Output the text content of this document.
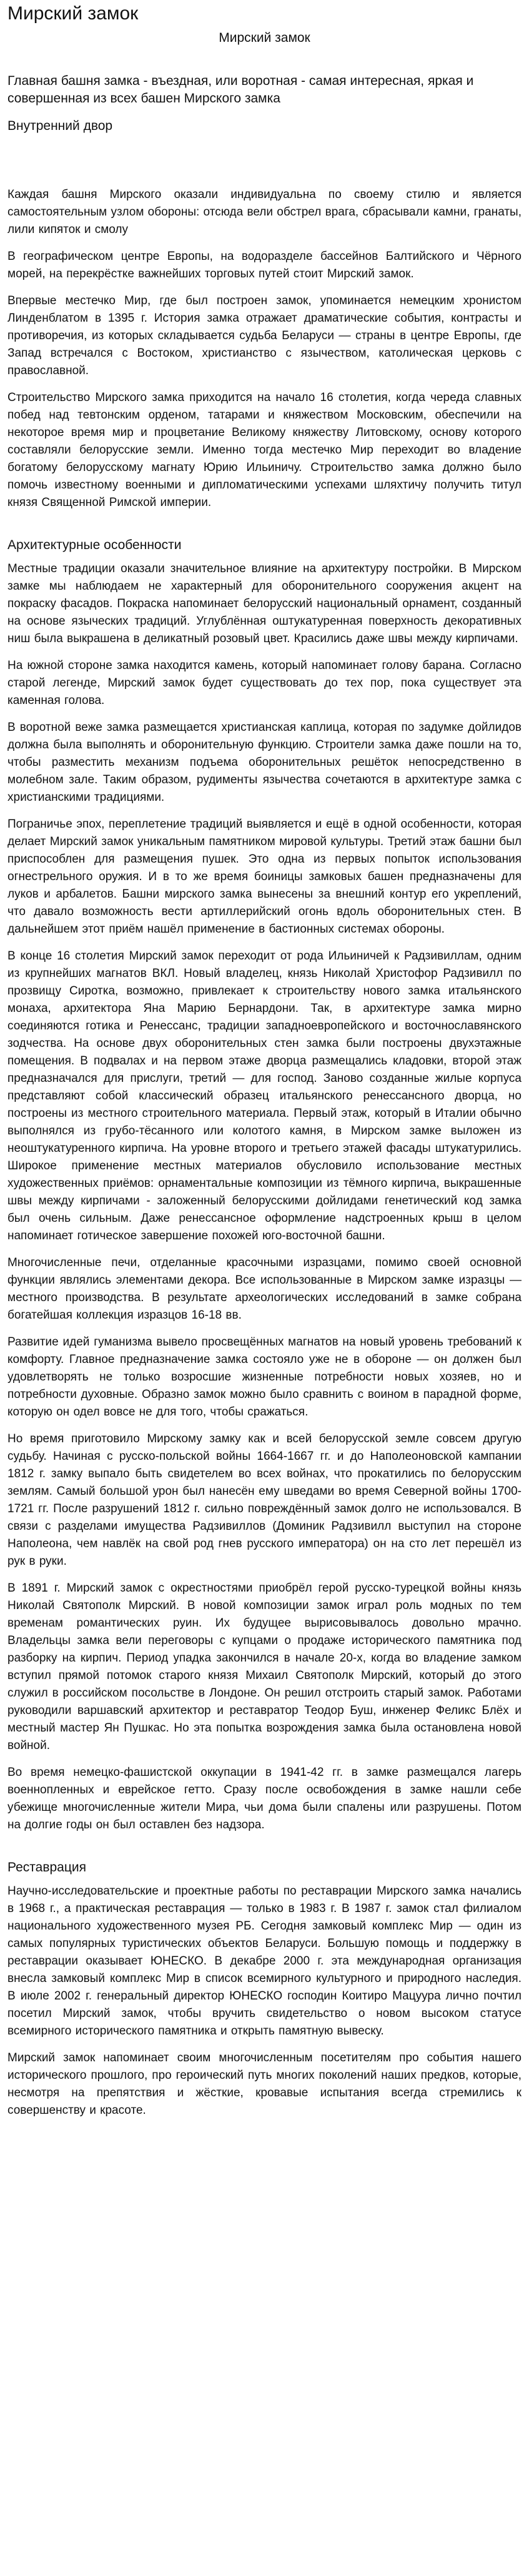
Мирский замок
Мирский замок
Главная башня замка - въездная, или воротная - самая интересная, яркая и совершенная из всех башен Мирского замка
Внутренний двор

Каждая башня Мирского оказали индивидуальна по своему стилю и является самостоятельным узлом обороны: отсюда вели обстрел врага, сбрасывали камни, гранаты, лили кипяток и смолу

В географическом центре Европы, на водоразделе бассейнов Балтийского и Чёрного морей, на перекрёстке важнейших торговых путей стоит Мирский замок.

Впервые местечко Мир, где был построен замок, упоминается немецким хронистом Линденблатом в 1395 г. История замка отражает драматические события, контрасты и противоречия, из которых складывается судьба Беларуси — страны в центре Европы, где Запад встречался с Востоком, христианство с язычеством, католическая церковь с православной.

Строительство Мирского замка приходится на начало 16 столетия, когда череда славных побед над тевтонским орденом, татарами и княжеством Московским, обеспечили на некоторое время мир и процветание Великому княжеству Литовскому, основу которого составляли белорусские земли. Именно тогда местечко Мир переходит во владение богатому белорусскому магнату Юрию Ильиничу. Строительство замка должно было помочь известному военными и дипломатическими успехами шляхтичу получить титул князя Священной Римской империи.

Архитектурные особенности

Местные традиции оказали значительное влияние на архитектуру постройки. В Мирском замке мы наблюдаем не характерный для оборонительного сооружения акцент на покраску фасадов. Покраска напоминает белорусский национальный орнамент, созданный на основе языческих традиций. Углублённая оштукатуренная поверхность декоративных ниш была выкрашена в деликатный розовый цвет. Красились даже швы между кирпичами.

На южной стороне замка находится камень, который напоминает голову барана. Согласно старой легенде, Мирский замок будет существовать до тех пор, пока существует эта каменная голова.

В воротной веже замка размещается христианская каплица, которая по задумке дойлидов должна была выполнять и оборонительную функцию. Строители замка даже пошли на то, чтобы разместить механизм подъема оборонительных решёток непосредственно в молебном зале. Таким образом, рудименты язычества сочетаются в архитектуре замка с христианскими традициями.

Пограничье эпох, переплетение традиций выявляется и ещё в одной особенности, которая делает Мирский замок уникальным памятником мировой культуры. Третий этаж башни был приспособлен для размещения пушек. Это одна из первых попыток использования огнестрельного оружия. И в то же время боиницы замковых башен предназначены для луков и арбалетов. Башни мирского замка вынесены за внешний контур его укреплений, что давало возможность вести артиллерийский огонь вдоль оборонительных стен. В дальнейшем этот приём нашёл применение в бастионных системах обороны.

В конце 16 столетия Мирский замок переходит от рода Ильиничей к Радзивиллам, одним из крупнейших магнатов ВКЛ. Новый владелец, князь Николай Христофор Радзивилл по прозвищу Сиротка, возможно, привлекает к строительству нового замка итальянского монаха, архитектора Яна Марию Бернардони. Так, в архитектуре замка мирно соединяются готика и Ренессанс, традиции западноевропейского и восточнославянского зодчества. На основе двух оборонительных стен замка были построены двухэтажные помещения. В подвалах и на первом этаже дворца размещались кладовки, второй этаж предназначался для прислуги, третий — для господ. Заново созданные жилые корпуса представляют собой классический образец итальянского ренессансного дворца, но построены из местного строительного материала. Первый этаж, который в Италии обычно выполнялся из грубо-тёсанного или колотого камня, в Мирском замке выложен из неоштукатуренного кирпича. На уровне второго и третьего этажей фасады штукатурились. Широкое применение местных материалов обусловило использование местных художественных приёмов: орнаментальные композиции из тёмного кирпича, выкрашенные швы между кирпичами - заложенный белорусскими дойлидами генетический код замка был очень сильным. Даже ренессансное оформление надстроенных крыш в целом напоминает готическое завершение похожей юго-восточной башни.

Многочисленные печи, отделанные красочными изразцами, помимо своей основной функции являлись элементами декора. Все использованные в Мирском замке изразцы — местного производства. В результате археологических исследований в замке собрана богатейшая коллекция изразцов 16-18 вв.

Развитие идей гуманизма вывело просвещённых магнатов на новый уровень требований к комфорту. Главное предназначение замка состояло уже не в обороне — он должен был удовлетворять не только возросшие жизненные потребности новых хозяев, но и потребности духовные. Образно замок можно было сравнить с воином в парадной форме, которую он одел вовсе не для того, чтобы сражаться.

Но время приготовило Мирскому замку как и всей белорусской земле совсем другую судьбу. Начиная с русско-польской войны 1664-1667 гг. и до Наполеоновской кампании 1812 г. замку выпало быть свидетелем во всех войнах, что прокатились по белорусским землям. Самый большой урон был нанесён ему шведами во время Северной войны 1700-1721 гг. После разрушений 1812 г. сильно повреждённый замок долго не использовался. В связи с разделами имущества Радзивиллов (Доминик Радзивилл выступил на стороне Наполеона, чем навлёк на свой род гнев русского императора) он на сто лет перешёл из рук в руки.

В 1891 г. Мирский замок с окрестностями приобрёл герой русско-турецкой войны князь Николай Святополк Мирский. В новой композиции замок играл роль модных по тем временам романтических руин. Их будущее вырисовывалось довольно мрачно. Владельцы замка вели переговоры с купцами о продаже исторического памятника под разборку на кирпич. Период упадка закончился в начале 20-х, когда во владение замком вступил прямой потомок старого князя Михаил Святополк Мирский, который до этого служил в российском посольстве в Лондоне. Он решил отстроить старый замок. Работами руководили варшавский архитектор и реставратор Теодор Буш, инженер Феликс Блёх и местный мастер Ян Пушкас. Но эта попытка возрождения замка была остановлена новой войной.

Во время немецко-фашистской оккупации в 1941-42 гг. в замке размещался лагерь военнопленных и еврейское гетто. Сразу после освобождения в замке нашли себе убежище многочисленные жители Мира, чьи дома были спалены или разрушены. Потом на долгие годы он был оставлен без надзора.

Реставрация

Научно-исследовательские и проектные работы по реставрации Мирского замка начались в 1968 г., а практическая реставрация — только в 1983 г. В 1987 г. замок стал филиалом национального художественного музея РБ. Сегодня замковый комплекс Мир — один из самых популярных туристических объектов Беларуси. Большую помощь и поддержку в реставрации оказывает ЮНЕСКО. В декабре 2000 г. эта международная организация внесла замковый комплекс Мир в список всемирного культурного и природного наследия. В июле 2002 г. генеральный директор ЮНЕСКО господин Коитиро Мацуура лично почтил посетил Мирский замок, чтобы вручить свидетельство о новом высоком статусе всемирного исторического памятника и открыть памятную вывеску.

Мирский замок напоминает своим многочисленным посетителям про события нашего исторического прошлого, про героический путь многих поколений наших предков, которые, несмотря на препятствия и жёсткие, кровавые испытания всегда стремились к совершенству и красоте.
